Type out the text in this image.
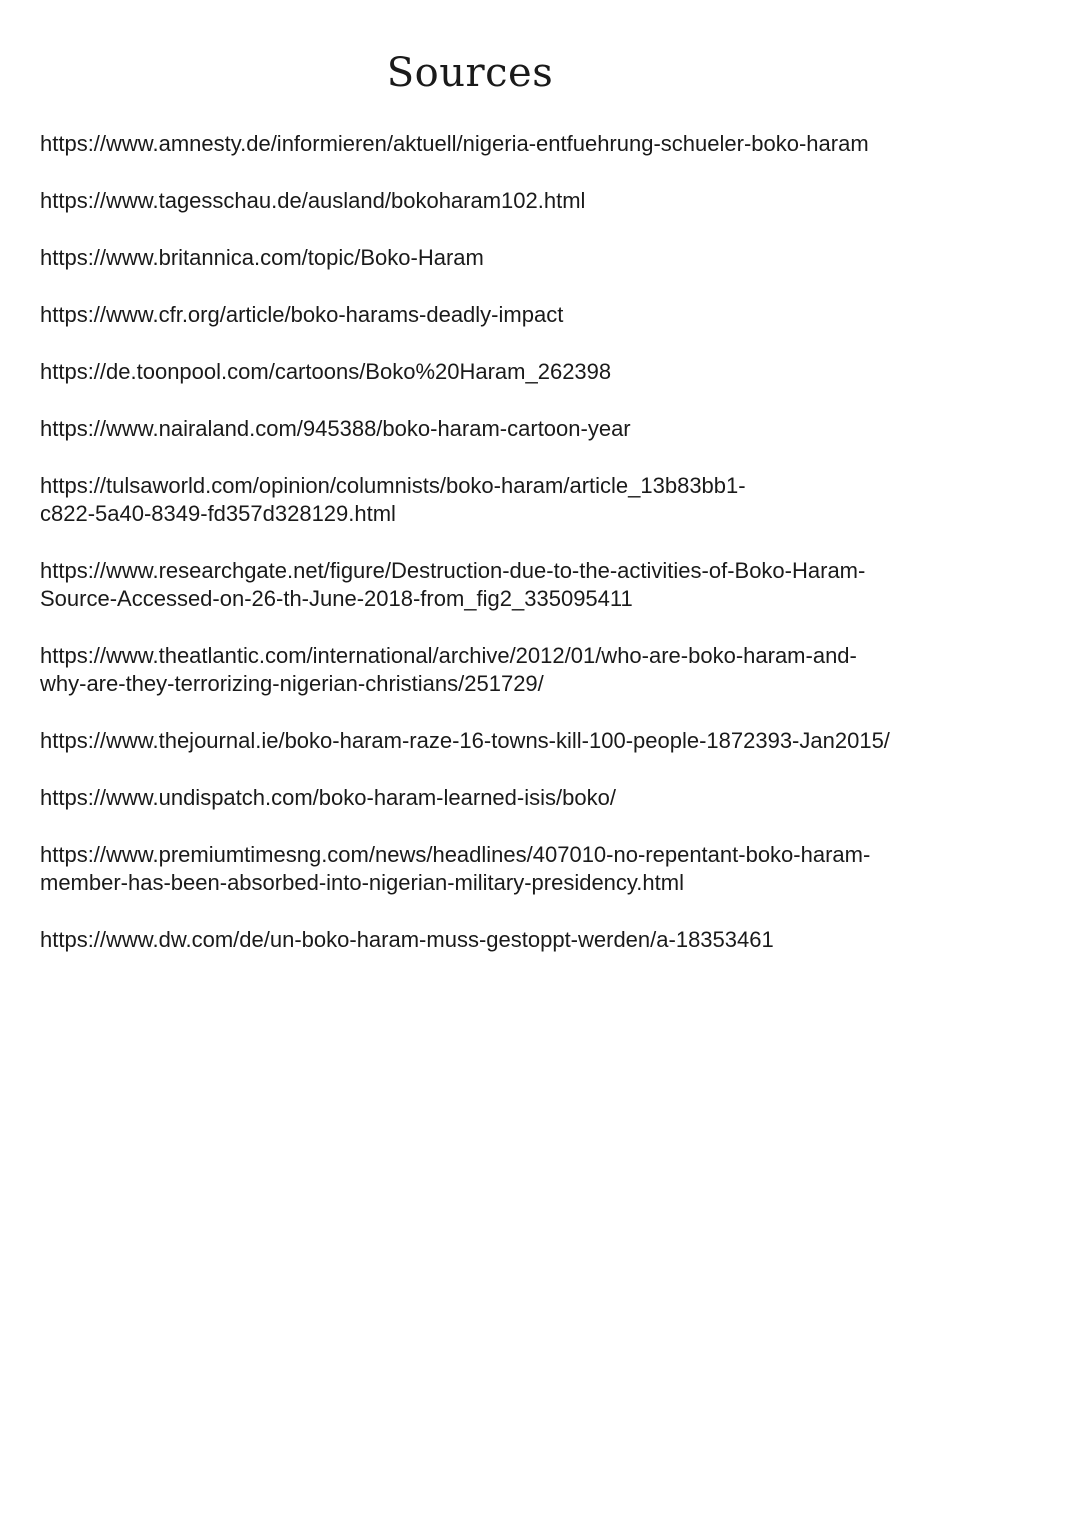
Sources
https://www.amnesty.de/informieren/aktuell/nigeria-entfuehrung-schueler-boko-haram
https://www.tagesschau.de/ausland/bokoharam102.html
https://www.britannica.com/topic/Boko-Haram
https://www.cfr.org/article/boko-harams-deadly-impact
https://de.toonpool.com/cartoons/Boko%20Haram_262398
https://www.nairaland.com/945388/boko-haram-cartoon-year
https://tulsaworld.com/opinion/columnists/boko-haram/article_13b83bb1-
c822-5a40-8349-fd357d328129.html
https://www.researchgate.net/figure/Destruction-due-to-the-activities-of-Boko-Haram-
Source-Accessed-on-26-th-June-2018-from_fig2_335095411
https://www.theatlantic.com/international/archive/2012/01/who-are-boko-haram-and-
why-are-they-terrorizing-nigerian-christians/251729/
https://www.thejournal.ie/boko-haram-raze-16-towns-kill-100-people-1872393-Jan2015/
https://www.undispatch.com/boko-haram-learned-isis/boko/
https://www.premiumtimesng.com/news/headlines/407010-no-repentant-boko-haram-
member-has-been-absorbed-into-nigerian-military-presidency.html
https://www.dw.com/de/un-boko-haram-muss-gestoppt-werden/a-18353461
